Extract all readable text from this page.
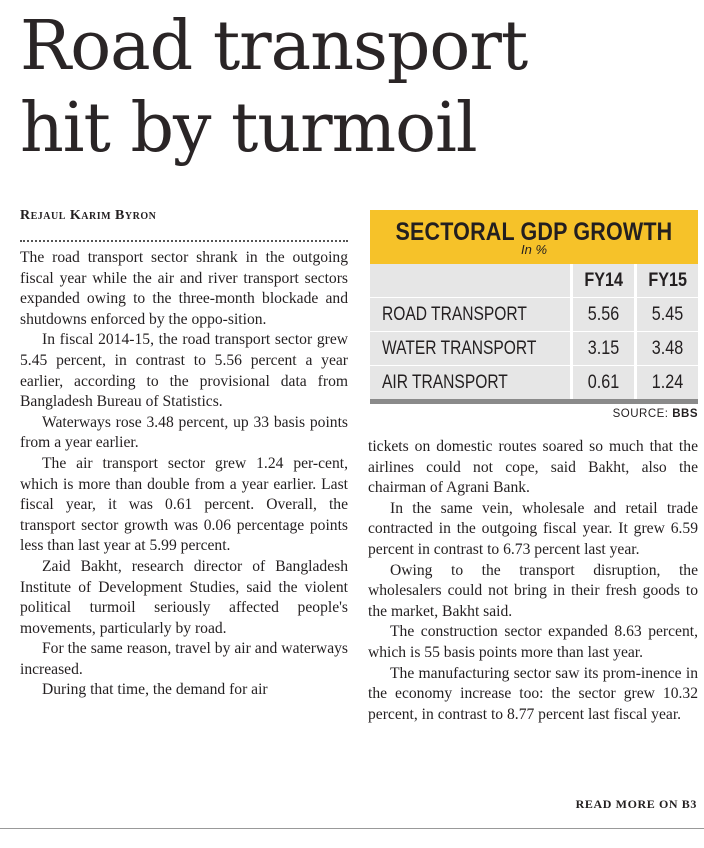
Road transport
hit by turmoil
Rejaul Karim Byron

The road transport sector shrank in the outgoing fiscal year while the air and river transport sectors expanded owing to the three-month blockade and shutdowns enforced by the oppo-sition.

In fiscal 2014-15, the road transport sector grew 5.45 percent, in contrast to 5.56 percent a year earlier, according to the provisional data from Bangladesh Bureau of Statistics.

Waterways rose 3.48 percent, up 33 basis points from a year earlier.

The air transport sector grew 1.24 per-cent, which is more than double from a year earlier. Last fiscal year, it was 0.61 percent. Overall, the transport sector growth was 0.06 percentage points less than last year at 5.99 percent.

Zaid Bakht, research director of Bangladesh Institute of Development Studies, said the violent political turmoil seriously affected people's movements, particularly by road.

For the same reason, travel by air and waterways increased.

During that time, the demand for air

SECTORAL GDP GROWTH
In %
	FY14	FY15
ROAD TRANSPORT	5.56	5.45
WATER TRANSPORT	3.15	3.48
AIR TRANSPORT	0.61	1.24
SOURCE: BBS

tickets on domestic routes soared so much that the airlines could not cope, said Bakht, also the chairman of Agrani Bank.

In the same vein, wholesale and retail trade contracted in the outgoing fiscal year. It grew 6.59 percent in contrast to 6.73 percent last year.

Owing to the transport disruption, the wholesalers could not bring in their fresh goods to the market, Bakht said.

The construction sector expanded 8.63 percent, which is 55 basis points more than last year.

The manufacturing sector saw its prom-inence in the economy increase too: the sector grew 10.32 percent, in contrast to 8.77 percent last fiscal year.

READ MORE ON B3
